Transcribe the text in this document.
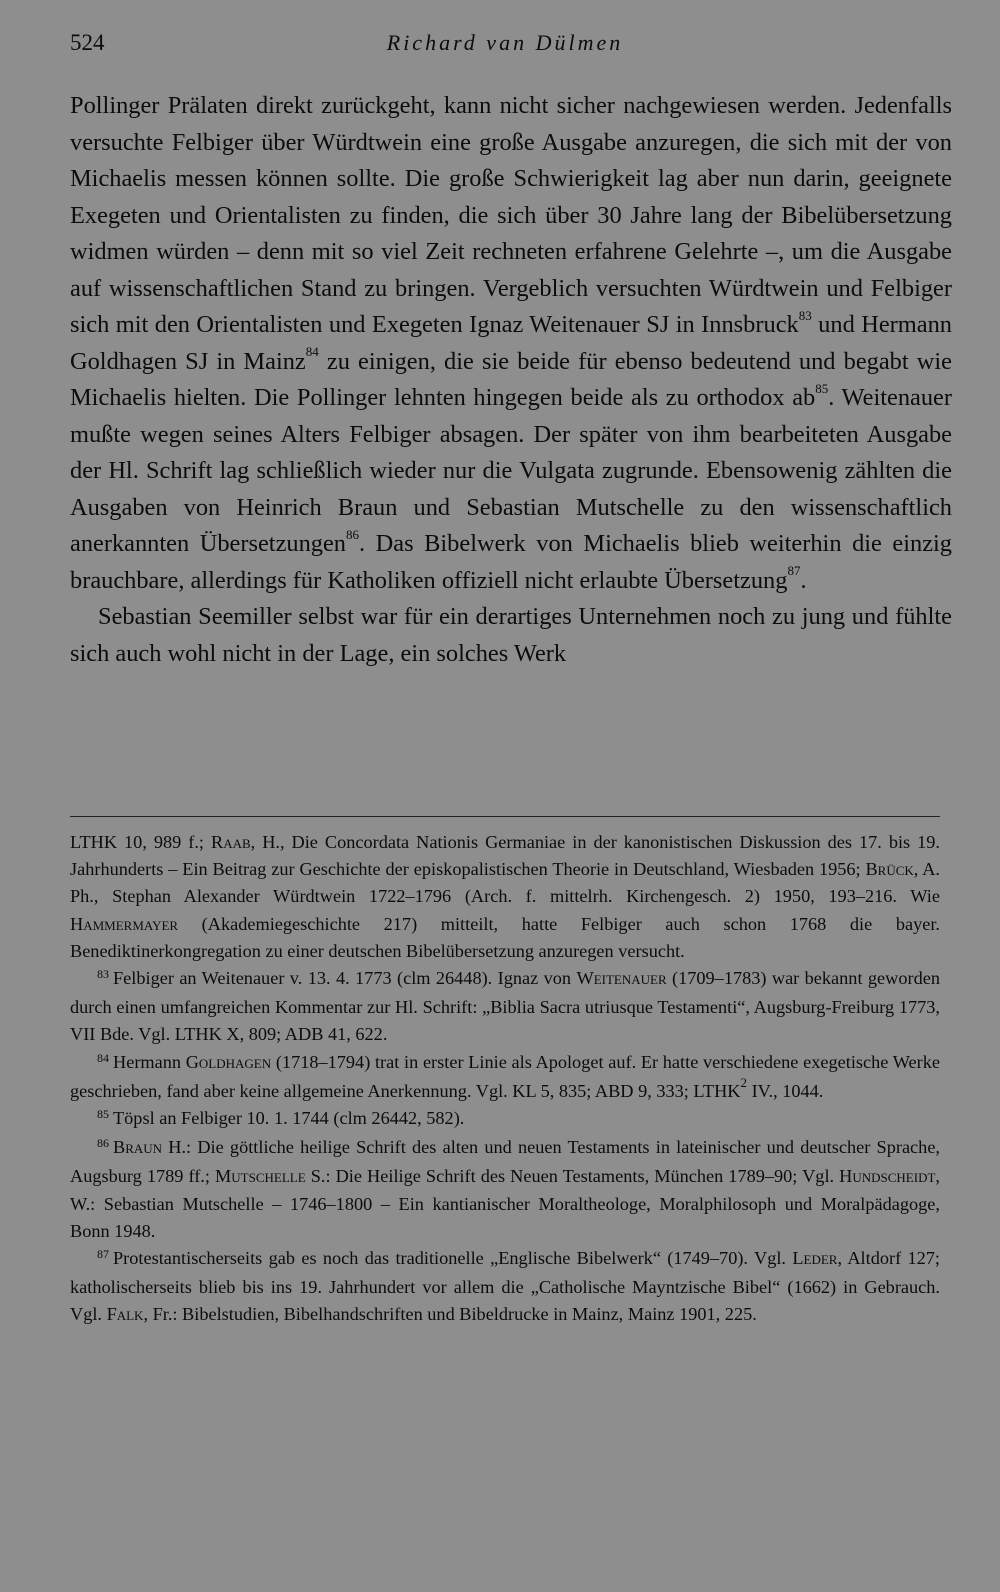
524	Richard van Dülmen

Pollinger Prälaten direkt zurückgeht, kann nicht sicher nachgewiesen werden. Jedenfalls versuchte Felbiger über Würdtwein eine große Ausgabe anzuregen, die sich mit der von Michaelis messen können sollte. Die große Schwierigkeit lag aber nun darin, geeignete Exegeten und Orientalisten zu finden, die sich über 30 Jahre lang der Bibelübersetzung widmen würden – denn mit so viel Zeit rechneten erfahrene Gelehrte –, um die Ausgabe auf wissenschaftlichen Stand zu bringen. Vergeblich versuchten Würdtwein und Felbiger sich mit den Orientalisten und Exegeten Ignaz Weitenauer SJ in Innsbruck$^{83}$ und Hermann Goldhagen SJ in Mainz$^{84}$ zu einigen, die sie beide für ebenso bedeutend und begabt wie Michaelis hielten. Die Pollinger lehnten hingegen beide als zu orthodox $ab^{85}$. Weitenauer mußte wegen seines Alters Felbiger absagen. Der später von ihm bearbeiteten Ausgabe der Hl. Schrift lag schließlich wieder nur die Vulgata zugrunde. Ebensowenig zählten die Ausgaben von Heinrich Braun und Sebastian Mutschelle zu den wissenschaftlich anerkannten Übersetzungen$^{86}$. Das Bibelwerk von Michaelis blieb weiterhin die einzig brauchbare, allerdings für Katholiken offiziell nicht erlaubte Übersetzung$^{87}$.

Sebastian Seemiller selbst war für ein derartiges Unternehmen noch zu jung und fühlte sich auch wohl nicht in der Lage, ein solches Werk

LTHK 10, 989 f.; Raab, H., Die Concordata Nationis Germaniae in der kanonistischen Diskussion des 17. bis 19. Jahrhunderts – Ein Beitrag zur Geschichte der episkopalistischen Theorie in Deutschland, Wiesbaden 1956; Brück, A. Ph., Stephan Alexander Würdtwein 1722–1796 (Arch. f. mittelrh. Kirchengesch. 2) 1950, 193–216. Wie Hammermayer (Akademiegeschichte 217) mitteilt, hatte Felbiger auch schon 1768 die bayer. Benediktinerkongregation zu einer deutschen Bibelübersetzung anzuregen versucht.

$^{83}$ Felbiger an Weitenauer v. 13. 4. 1773 (clm 26448). Ignaz von Weitenauer (1709–1783) war bekannt geworden durch einen umfangreichen Kommentar zur Hl. Schrift: „Biblia Sacra utriusque Testamenti“, Augsburg-Freiburg 1773, VII Bde. Vgl. LTHK X, 809; ADB 41, 622.

$^{84}$ Hermann Goldhagen (1718–1794) trat in erster Linie als Apologet auf. Er hatte verschiedene exegetische Werke geschrieben, fand aber keine allgemeine Anerkennung. Vgl. KL 5, 835; ABD 9, 333; LTHK$^2$ IV., 1044.

$^{85}$ Töpsl an Felbiger 10. 1. 1744 (clm 26442, 582).

$^{86}$ Braun H.: Die göttliche heilige Schrift des alten und neuen Testaments in lateinischer und deutscher Sprache, Augsburg 1789 ff.; Mutschelle S.: Die Heilige Schrift des Neuen Testaments, München 1789–90; Vgl. Hundscheidt, W.: Sebastian Mutschelle – 1746–1800 – Ein kantianischer Moraltheologe, Moralphilosoph und Moralpädagoge, Bonn 1948.

$^{87}$ Protestantischerseits gab es noch das traditionelle „Englische Bibelwerk“ (1749–70). Vgl. Leder, Altdorf 127; katholischerseits blieb bis ins 19. Jahrhundert vor allem die „Catholische Mayntzische Bibel“ (1662) in Gebrauch. Vgl. Falk, Fr.: Bibelstudien, Bibelhandschriften und Bibeldrucke in Mainz, Mainz 1901, 225.
